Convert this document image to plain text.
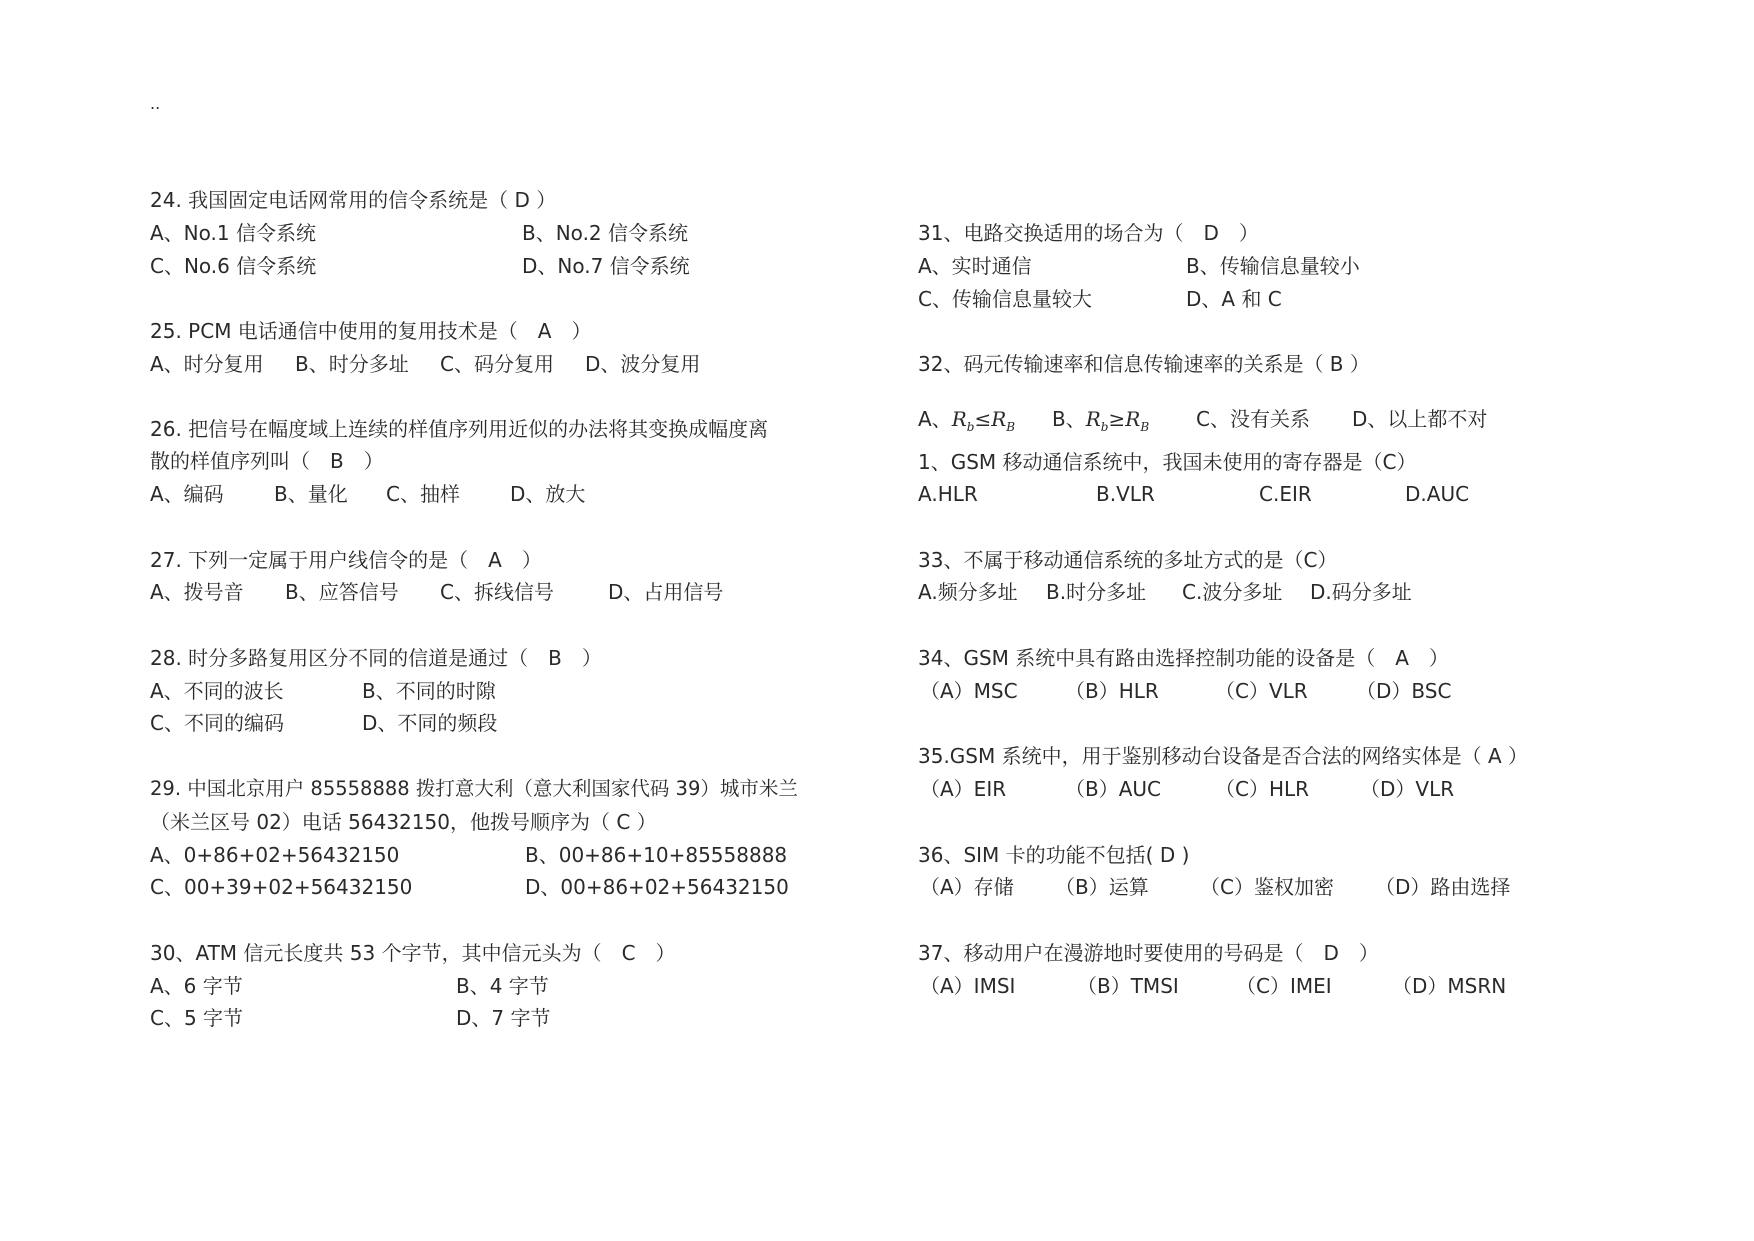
..
24. 我国固定电话网常用的信令系统是（ D ）
A、No.1 信令系统	B、No.2 信令系统
C、No.6 信令系统	D、No.7 信令系统
25. PCM 电话通信中使用的复用技术是（　A　）
A、时分复用 B、时分多址 C、码分复用 D、波分复用
26. 把信号在幅度域上连续的样值序列用近似的办法将其变换成幅度离
散的样值序列叫（　B　）
A、编码	B、量化 C、抽样	D、放大
27. 下列一定属于用户线信令的是（　A　）
A、拨号音 B、应答信号 C、拆线信号	D、占用信号
28. 时分多路复用区分不同的信道是通过（　B　）
A、不同的波长	B、不同的时隙
C、不同的编码	D、不同的频段
29. 中国北京用户 85558888 拨打意大利（意大利国家代码 39）城市米兰
（米兰区号 02）电话 56432150，他拨号顺序为（ C ）
A、0+86+02+56432150	B、00+86+10+85558888
C、00+39+02+56432150	D、00+86+02+56432150
30、ATM 信元长度共 53 个字节，其中信元头为（　C　）
A、6 字节	B、4 字节
C、5 字节	D、7 字节
31、电路交换适用的场合为（　D　）
A、实时通信	B、传输信息量较小
C、传输信息量较大	D、A 和 C
32、码元传输速率和信息传输速率的关系是（ B ）
A、$R_b\le R_B$ B、$R_b\ge R_B$ C、没有关系 D、以上都不对
1、GSM 移动通信系统中，我国未使用的寄存器是（C）
A.HLR	B.VLR	C.EIR	D.AUC
33、不属于移动通信系统的多址方式的是（C）
A.频分多址 B.时分多址 C.波分多址 D.码分多址
34、GSM 系统中具有路由选择控制功能的设备是（　A　）
（A）MSC （B）HLR	（C）VLR （D）BSC
35.GSM 系统中，用于鉴别移动台设备是否合法的网络实体是（ A ）
（A）EIR	（B）AUC	（C）HLR	（D）VLR
36、SIM 卡的功能不包括( D )
（A）存储 （B）运算	（C）鉴权加密 （D）路由选择
37、移动用户在漫游地时要使用的号码是（　D　）
（A）IMSI	（B）TMSI	（C）IMEI	（D）MSRN
